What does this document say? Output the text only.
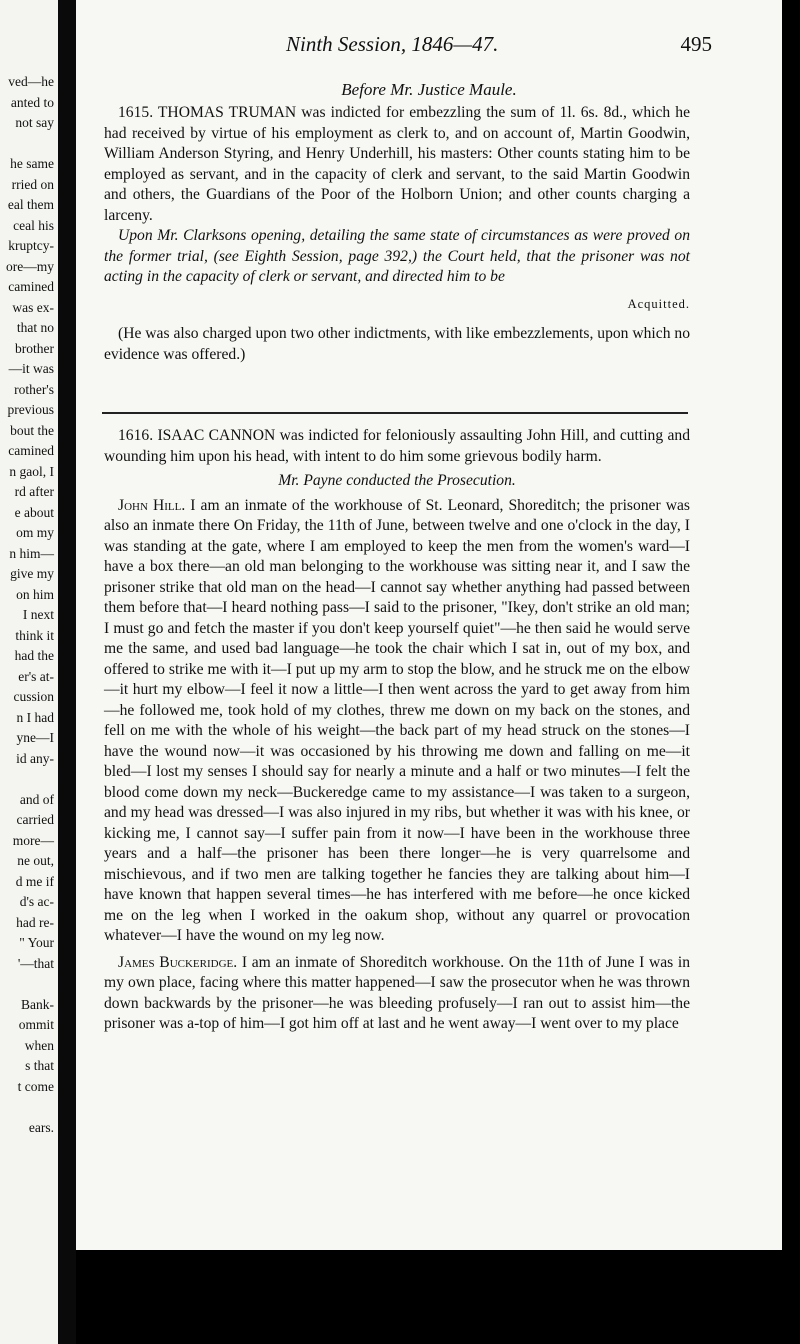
ved—he
anted to
not say
he same
rried on
eal them
ceal his
kruptcy-
ore—my
camined
was ex-
that no
brother
—it was
rother's
previous
bout the
camined
n gaol, I
rd after
e about
om my
n him—
give my
on him
I next
think it
had the
er's at-
cussion
n I had
yne—I
id any-
and of
carried
more—
ne out,
d me if
d's ac-
had re-
" Your
'—that
Bank-
ommit
when
s that
t come
ears.
Ninth Session, 1846—47.	495
Before Mr. Justice Maule.

1615. THOMAS TRUMAN was indicted for embezzling the sum of 1l. 6s. 8d., which he had received by virtue of his employment as clerk to, and on account of, Martin Goodwin, William Anderson Styring, and Henry Underhill, his masters: Other counts stating him to be employed as servant, and in the capacity of clerk and servant, to the said Martin Goodwin and others, the Guardians of the Poor of the Holborn Union; and other counts charging a larceny.

Upon Mr. Clarksons opening, detailing the same state of circumstances as were proved on the former trial, (see Eighth Session, page 392,) the Court held, that the prisoner was not acting in the capacity of clerk or servant, and directed him to be

Acquitted.

(He was also charged upon two other indictments, with like embezzlements, upon which no evidence was offered.)

1616. ISAAC CANNON was indicted for feloniously assaulting John Hill, and cutting and wounding him upon his head, with intent to do him some grievous bodily harm.

Mr. Payne conducted the Prosecution.

John Hill. I am an inmate of the workhouse of St. Leonard, Shoreditch; the prisoner was also an inmate there On Friday, the 11th of June, between twelve and one o'clock in the day, I was standing at the gate, where I am employed to keep the men from the women's ward—I have a box there—an old man belonging to the workhouse was sitting near it, and I saw the prisoner strike that old man on the head—I cannot say whether anything had passed between them before that—I heard nothing pass—I said to the prisoner, "Ikey, don't strike an old man; I must go and fetch the master if you don't keep yourself quiet"—he then said he would serve me the same, and used bad language—he took the chair which I sat in, out of my box, and offered to strike me with it—I put up my arm to stop the blow, and he struck me on the elbow—it hurt my elbow—I feel it now a little—I then went across the yard to get away from him—he followed me, took hold of my clothes, threw me down on my back on the stones, and fell on me with the whole of his weight—the back part of my head struck on the stones—I have the wound now—it was occasioned by his throwing me down and falling on me—it bled—I lost my senses I should say for nearly a minute and a half or two minutes—I felt the blood come down my neck—Buckeredge came to my assistance—I was taken to a surgeon, and my head was dressed—I was also injured in my ribs, but whether it was with his knee, or kicking me, I cannot say—I suffer pain from it now—I have been in the workhouse three years and a half—the prisoner has been there longer—he is very quarrelsome and mischievous, and if two men are talking together he fancies they are talking about him—I have known that happen several times—he has interfered with me before—he once kicked me on the leg when I worked in the oakum shop, without any quarrel or provocation whatever—I have the wound on my leg now.

James Buckeridge. I am an inmate of Shoreditch workhouse. On the 11th of June I was in my own place, facing where this matter happened—I saw the prosecutor when he was thrown down backwards by the prisoner—he was bleeding profusely—I ran out to assist him—the prisoner was a-top of him—I got him off at last and he went away—I went over to my place
